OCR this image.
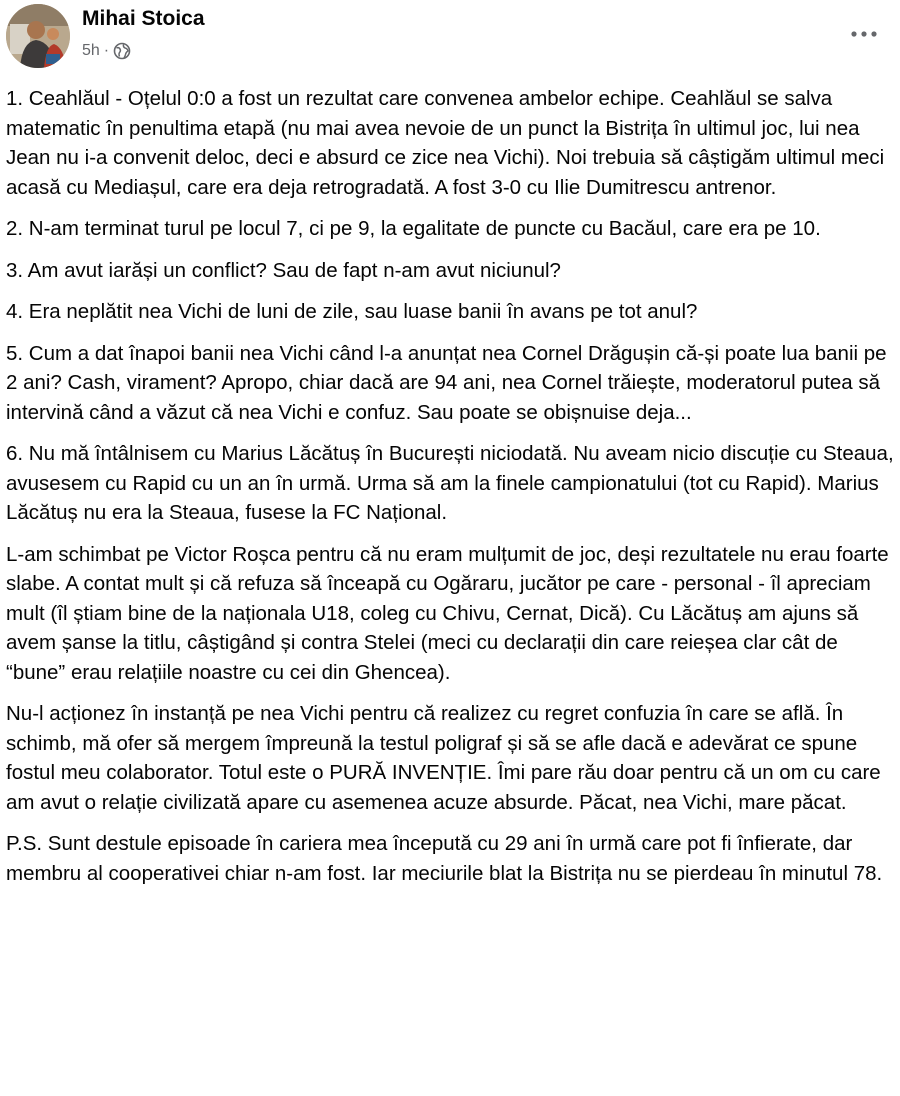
Mihai Stoica
5h ·

1. Ceahlăul - Oțelul 0:0 a fost un rezultat care convenea ambelor echipe. Ceahlăul se salva matematic în penultima etapă (nu mai avea nevoie de un punct la Bistrița în ultimul joc, lui nea Jean nu i-a convenit deloc, deci e absurd ce zice nea Vichi). Noi trebuia să câștigăm ultimul meci acasă cu Mediașul, care era deja retrogradată. A fost 3-0 cu Ilie Dumitrescu antrenor.

2. N-am terminat turul pe locul 7, ci pe 9, la egalitate de puncte cu Bacăul, care era pe 10.

3. Am avut iarăși un conflict? Sau de fapt n-am avut niciunul?

4. Era neplătit nea Vichi de luni de zile, sau luase banii în avans pe tot anul?

5. Cum a dat înapoi banii nea Vichi când l-a anunțat nea Cornel Drăgușin că-și poate lua banii pe 2 ani? Cash, virament? Apropo, chiar dacă are 94 ani, nea Cornel trăiește, moderatorul putea să intervină când a văzut că nea Vichi e confuz. Sau poate se obișnuise deja...

6. Nu mă întâlnisem cu Marius Lăcătuș în București niciodată. Nu aveam nicio discuție cu Steaua, avusesem cu Rapid cu un an în urmă. Urma să am la finele campionatului (tot cu Rapid). Marius Lăcătuș nu era la Steaua, fusese la FC Național.

L-am schimbat pe Victor Roșca pentru că nu eram mulțumit de joc, deși rezultatele nu erau foarte slabe. A contat mult și că refuza să înceapă cu Ogăraru, jucător pe care - personal - îl apreciam mult (îl știam bine de la naționala U18, coleg cu Chivu, Cernat, Dică). Cu Lăcătuș am ajuns să avem șanse la titlu, câștigând și contra Stelei (meci cu declarații din care reieșea clar cât de “bune” erau relațiile noastre cu cei din Ghencea).

Nu-l acționez în instanță pe nea Vichi pentru că realizez cu regret confuzia în care se află. În schimb, mă ofer să mergem împreună la testul poligraf și să se afle dacă e adevărat ce spune fostul meu colaborator. Totul este o PURĂ INVENȚIE. Îmi pare rău doar pentru că un om cu care am avut o relație civilizată apare cu asemenea acuze absurde. Păcat, nea Vichi, mare păcat.

P.S. Sunt destule episoade în cariera mea începută cu 29 ani în urmă care pot fi înfierate, dar membru al cooperativei chiar n-am fost. Iar meciurile blat la Bistrița nu se pierdeau în minutul 78.
